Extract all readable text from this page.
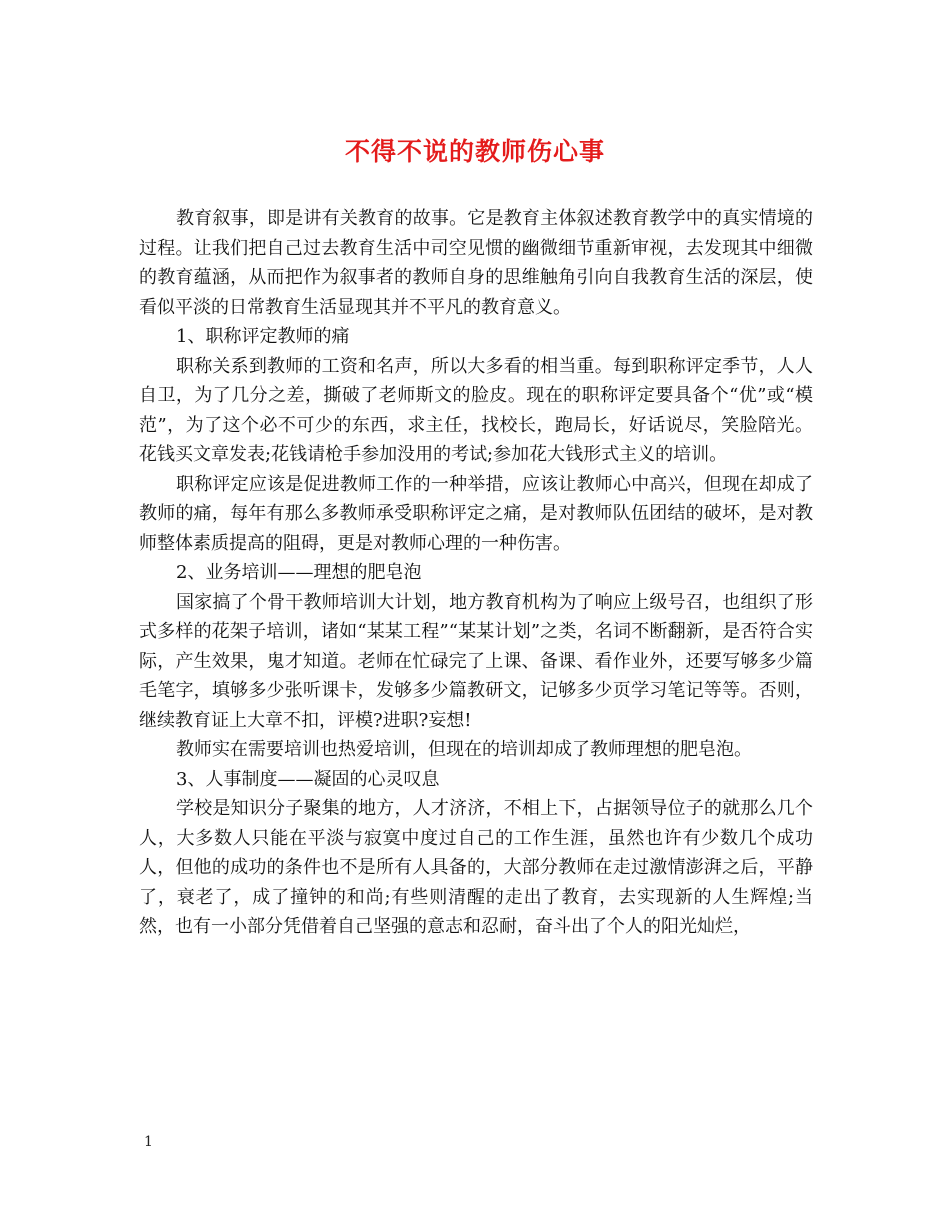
不得不说的教师伤心事

教育叙事，即是讲有关教育的故事。它是教育主体叙述教育教学中的真实情境的过程。让我们把自己过去教育生活中司空见惯的幽微细节重新审视，去发现其中细微的教育蕴涵，从而把作为叙事者的教师自身的思维触角引向自我教育生活的深层，使看似平淡的日常教育生活显现其并不平凡的教育意义。

1、职称评定教师的痛

职称关系到教师的工资和名声，所以大多看的相当重。每到职称评定季节，人人自卫，为了几分之差，撕破了老师斯文的脸皮。现在的职称评定要具备个“优”或“模范”，为了这个必不可少的东西，求主任，找校长，跑局长，好话说尽，笑脸陪光。花钱买文章发表;花钱请枪手参加没用的考试;参加花大钱形式主义的培训。

职称评定应该是促进教师工作的一种举措，应该让教师心中高兴，但现在却成了教师的痛，每年有那么多教师承受职称评定之痛，是对教师队伍团结的破坏，是对教师整体素质提高的阻碍，更是对教师心理的一种伤害。

2、业务培训——理想的肥皂泡

国家搞了个骨干教师培训大计划，地方教育机构为了响应上级号召，也组织了形式多样的花架子培训，诸如“某某工程”“某某计划”之类，名词不断翻新，是否符合实际，产生效果，鬼才知道。老师在忙碌完了上课、备课、看作业外，还要写够多少篇毛笔字，填够多少张听课卡，发够多少篇教研文，记够多少页学习笔记等等。否则，继续教育证上大章不扣，评模?进职?妄想!

教师实在需要培训也热爱培训，但现在的培训却成了教师理想的肥皂泡。

3、人事制度——凝固的心灵叹息

学校是知识分子聚集的地方，人才济济，不相上下，占据领导位子的就那么几个人，大多数人只能在平淡与寂寞中度过自己的工作生涯，虽然也许有少数几个成功人，但他的成功的条件也不是所有人具备的，大部分教师在走过激情澎湃之后，平静了，衰老了，成了撞钟的和尚;有些则清醒的走出了教育，去实现新的人生辉煌;当然，也有一小部分凭借着自己坚强的意志和忍耐，奋斗出了个人的阳光灿烂，

1
